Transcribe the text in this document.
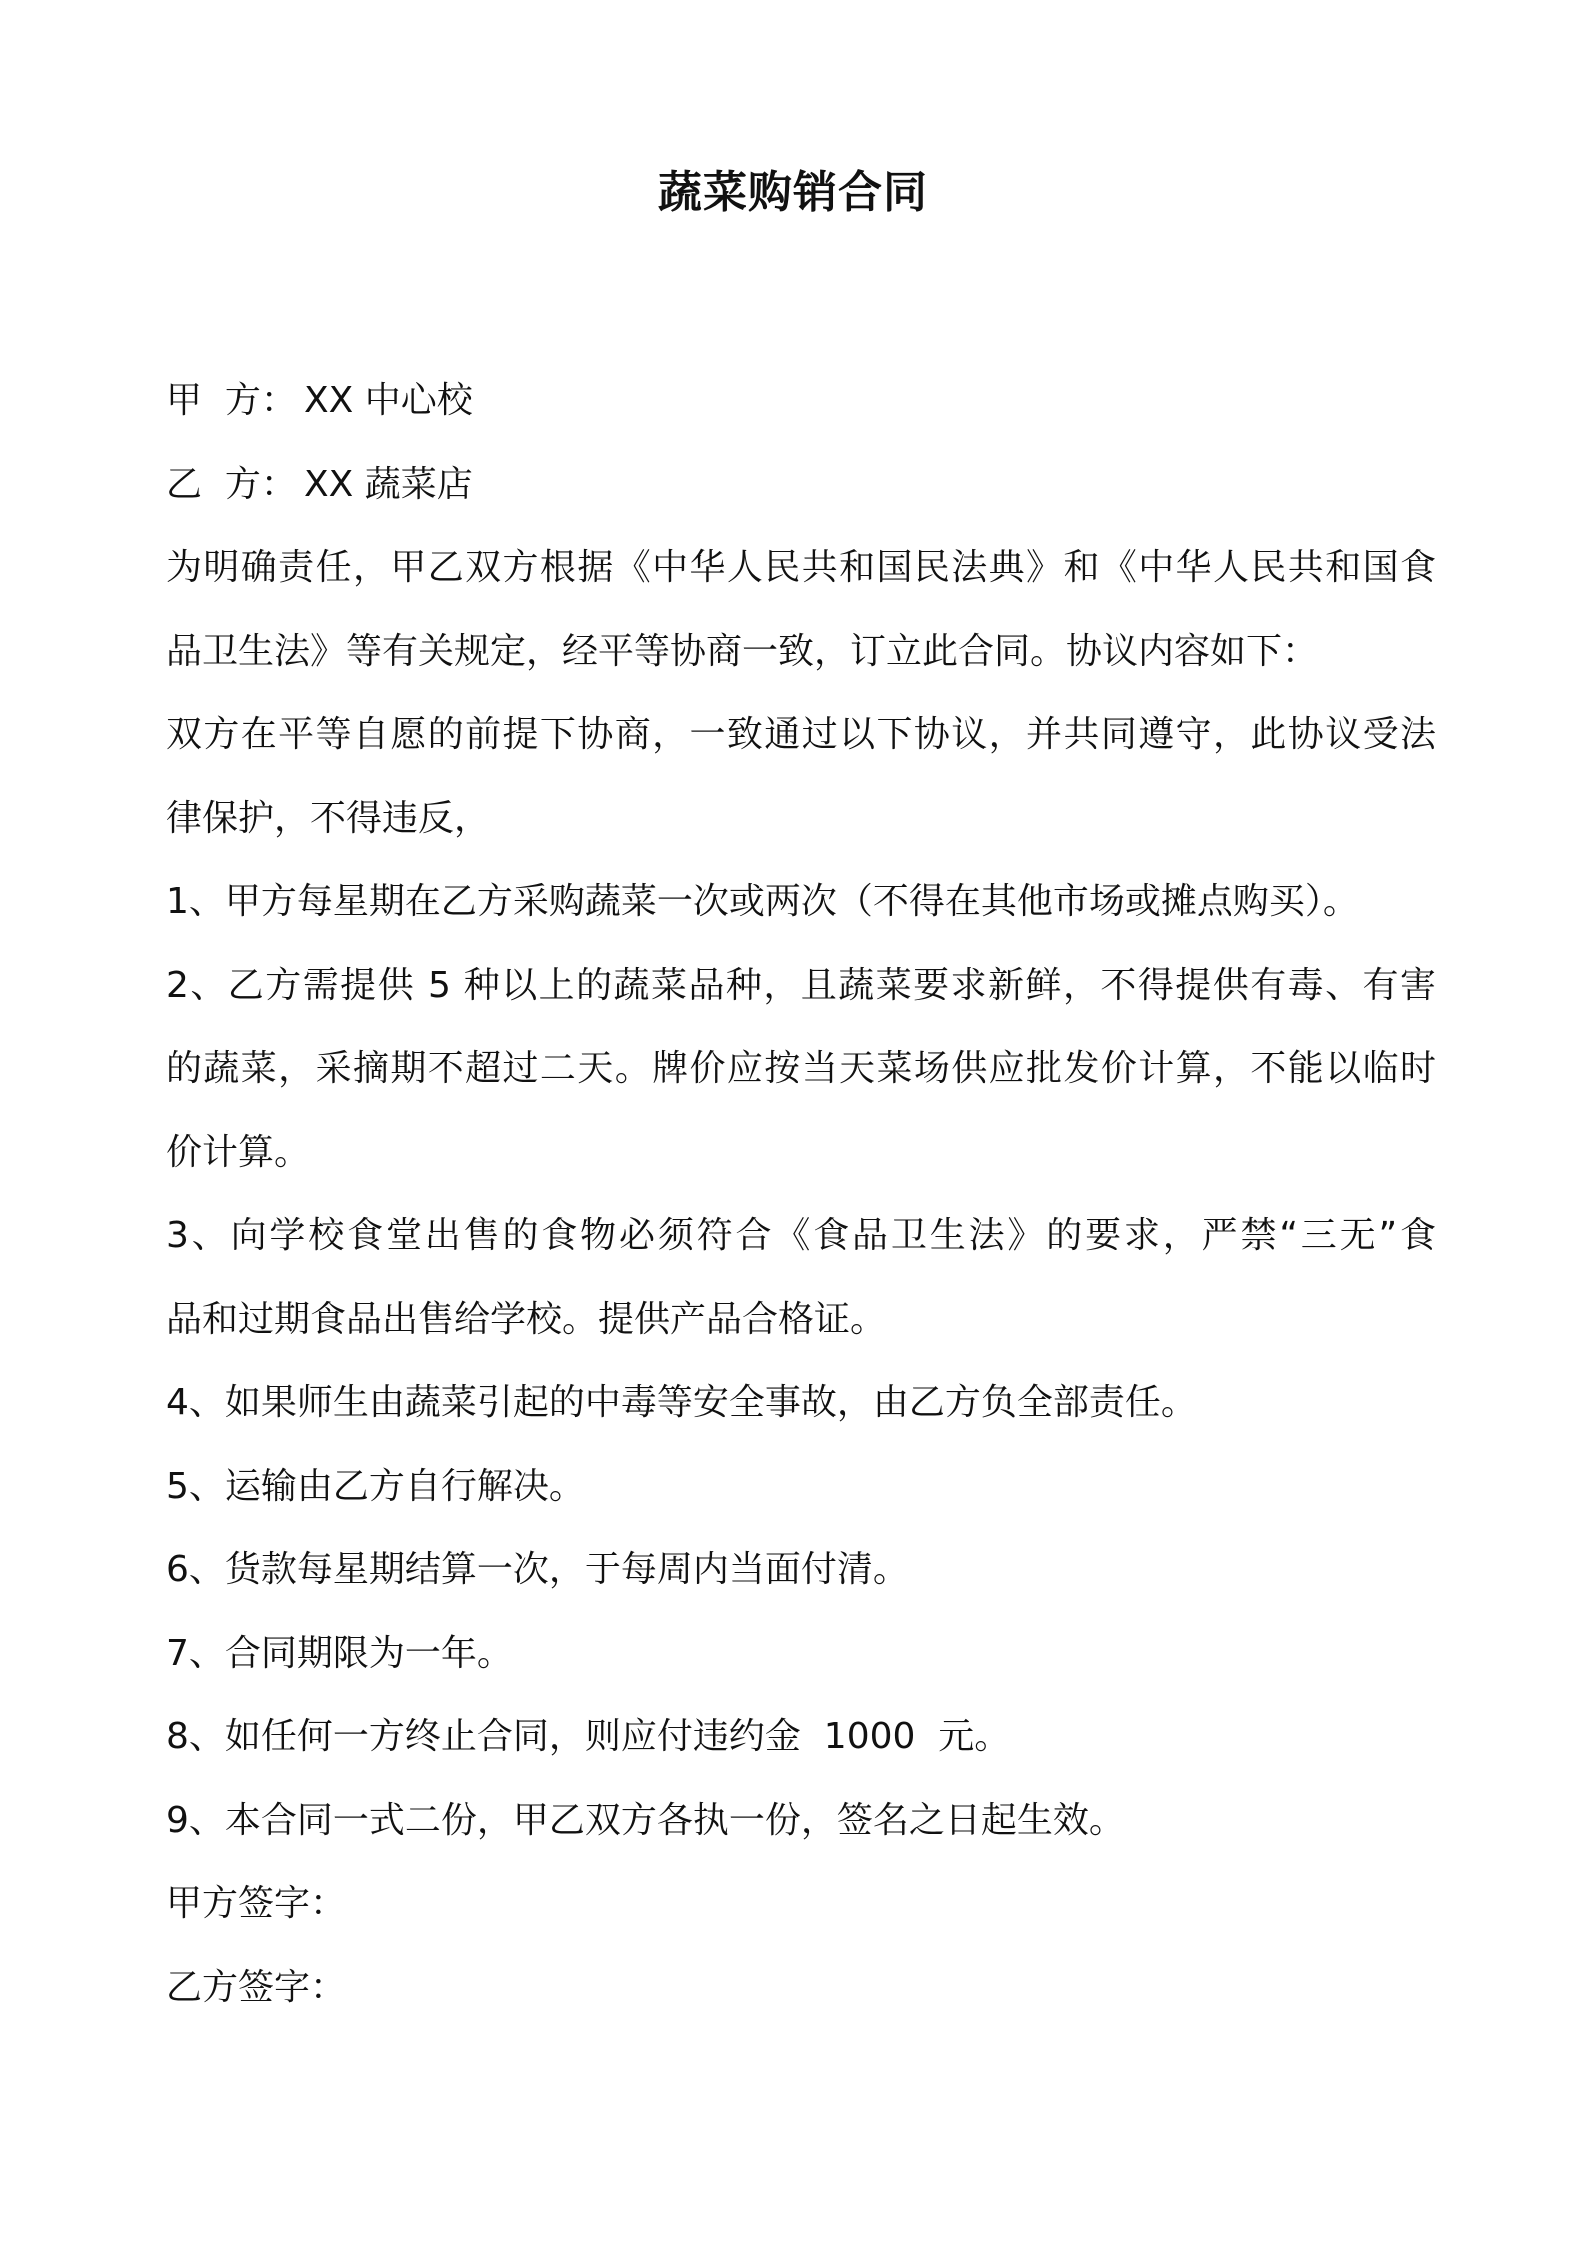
蔬菜购销合同
甲  方： XX 中心校
乙  方： XX 蔬菜店
为明确责任，甲乙双方根据《中华人民共和国民法典》和《中华人民共和国食
品卫生法》等有关规定，经平等协商一致，订立此合同。协议内容如下：
双方在平等自愿的前提下协商，一致通过以下协议，并共同遵守，此协议受法
律保护，不得违反，
1、甲方每星期在乙方采购蔬菜一次或两次（不得在其他市场或摊点购买）。
2、乙方需提供 5 种以上的蔬菜品种，且蔬菜要求新鲜，不得提供有毒、有害
的蔬菜，采摘期不超过二天。牌价应按当天菜场供应批发价计算，不能以临时
价计算。
3、向学校食堂出售的食物必须符合《食品卫生法》的要求，严禁“三无”食
品和过期食品出售给学校。提供产品合格证。
4、如果师生由蔬菜引起的中毒等安全事故，由乙方负全部责任。
5、运输由乙方自行解决。
6、货款每星期结算一次，于每周内当面付清。
7、合同期限为一年。
8、如任何一方终止合同，则应付违约金  1000  元。
9、本合同一式二份，甲乙双方各执一份，签名之日起生效。
甲方签字：
乙方签字：
